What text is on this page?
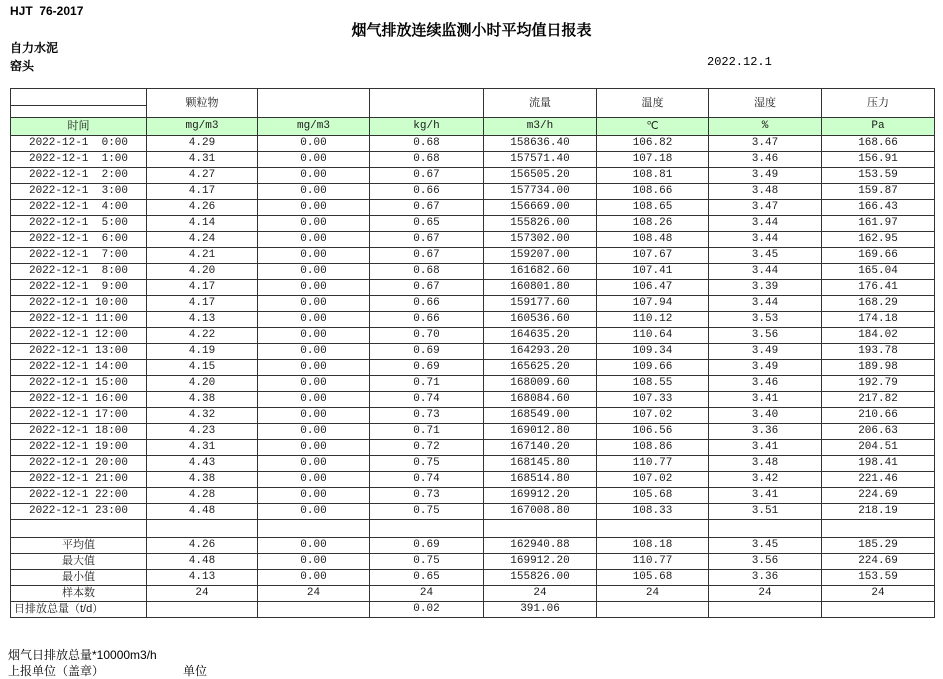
HJT  76-2017
烟气排放连续监测小时平均值日报表
自力水泥
窑头	2022.12.1
	颗粒物			流量	温度	湿度	压力

时间	mg/m3	mg/m3	kg/h	m3/h	℃	%	Pa
2022-12-1  0:00	4.29	0.00	0.68	158636.40	106.82	3.47	168.66
2022-12-1  1:00	4.31	0.00	0.68	157571.40	107.18	3.46	156.91
2022-12-1  2:00	4.27	0.00	0.67	156505.20	108.81	3.49	153.59
2022-12-1  3:00	4.17	0.00	0.66	157734.00	108.66	3.48	159.87
2022-12-1  4:00	4.26	0.00	0.67	156669.00	108.65	3.47	166.43
2022-12-1  5:00	4.14	0.00	0.65	155826.00	108.26	3.44	161.97
2022-12-1  6:00	4.24	0.00	0.67	157302.00	108.48	3.44	162.95
2022-12-1  7:00	4.21	0.00	0.67	159207.00	107.67	3.45	169.66
2022-12-1  8:00	4.20	0.00	0.68	161682.60	107.41	3.44	165.04
2022-12-1  9:00	4.17	0.00	0.67	160801.80	106.47	3.39	176.41
2022-12-1 10:00	4.17	0.00	0.66	159177.60	107.94	3.44	168.29
2022-12-1 11:00	4.13	0.00	0.66	160536.60	110.12	3.53	174.18
2022-12-1 12:00	4.22	0.00	0.70	164635.20	110.64	3.56	184.02
2022-12-1 13:00	4.19	0.00	0.69	164293.20	109.34	3.49	193.78
2022-12-1 14:00	4.15	0.00	0.69	165625.20	109.66	3.49	189.98
2022-12-1 15:00	4.20	0.00	0.71	168009.60	108.55	3.46	192.79
2022-12-1 16:00	4.38	0.00	0.74	168084.60	107.33	3.41	217.82
2022-12-1 17:00	4.32	0.00	0.73	168549.00	107.02	3.40	210.66
2022-12-1 18:00	4.23	0.00	0.71	169012.80	106.56	3.36	206.63
2022-12-1 19:00	4.31	0.00	0.72	167140.20	108.86	3.41	204.51
2022-12-1 20:00	4.43	0.00	0.75	168145.80	110.77	3.48	198.41
2022-12-1 21:00	4.38	0.00	0.74	168514.80	107.02	3.42	221.46
2022-12-1 22:00	4.28	0.00	0.73	169912.20	105.68	3.41	224.69
2022-12-1 23:00	4.48	0.00	0.75	167008.80	108.33	3.51	218.19

平均值	4.26	0.00	0.69	162940.88	108.18	3.45	185.29
最大值	4.48	0.00	0.75	169912.20	110.77	3.56	224.69
最小值	4.13	0.00	0.65	155826.00	105.68	3.36	153.59
样本数	24	24	24	24	24	24	24
日排放总量（t/d）			0.02	391.06			
烟气日排放总量*10000m3/h
上报单位（盖章）	单位
